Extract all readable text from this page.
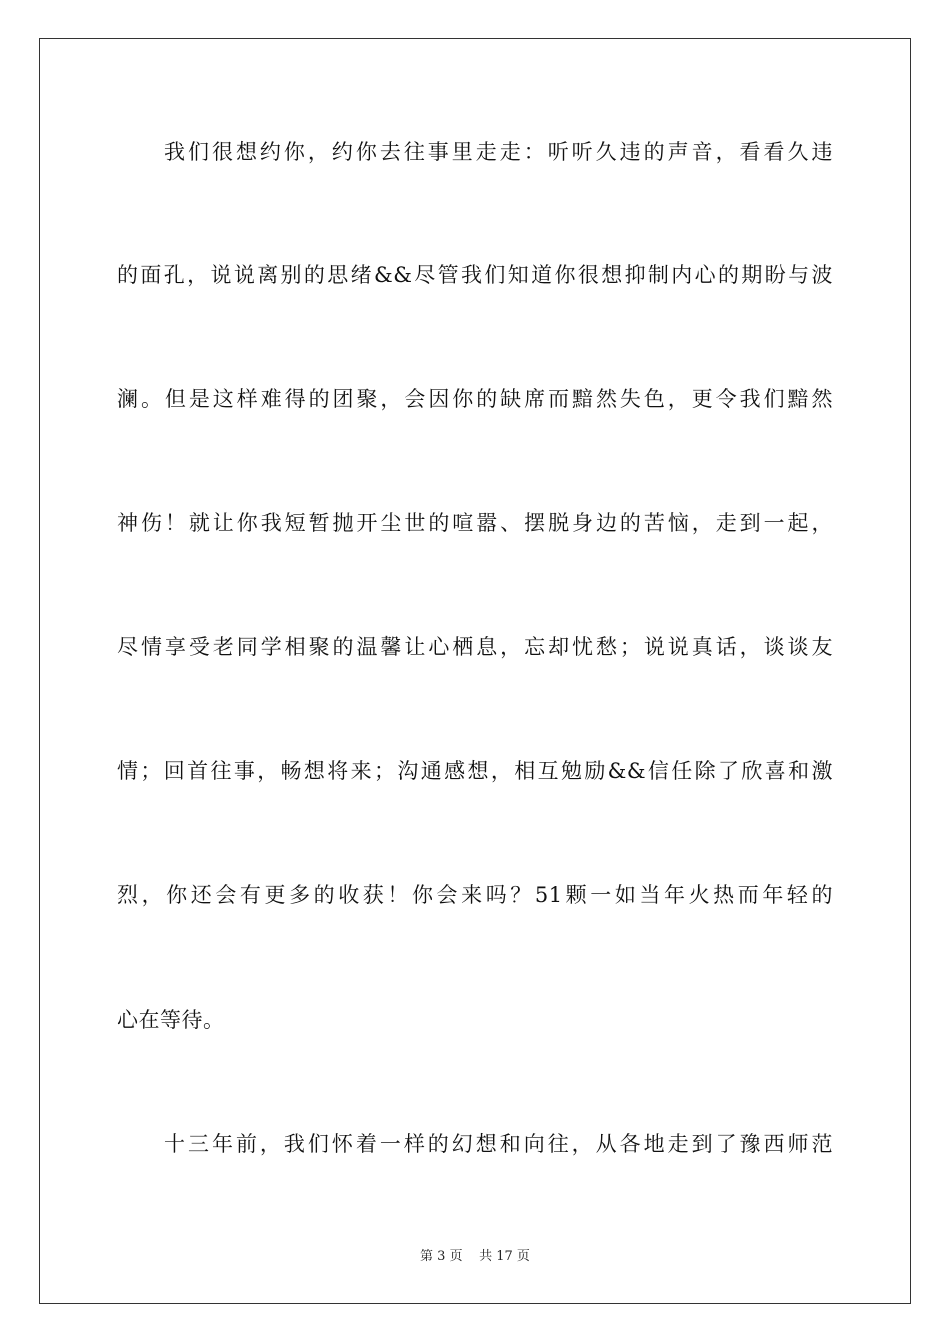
我们很想约你，约你去往事里走走：听听久违的声音，看看久违
的面孔，说说离别的思绪&&尽管我们知道你很想抑制内心的期盼与波
澜。但是这样难得的团聚，会因你的缺席而黯然失色，更令我们黯然
神伤！就让你我短暂抛开尘世的喧嚣、摆脱身边的苦恼，走到一起，
尽情享受老同学相聚的温馨让心栖息，忘却忧愁；说说真话，谈谈友
情；回首往事，畅想将来；沟通感想，相互勉励&&信任除了欣喜和激
烈，你还会有更多的收获！你会来吗？51颗一如当年火热而年轻的
心在等待。
十三年前，我们怀着一样的幻想和向往，从各地走到了豫西师范
第 3 页 共 17 页
